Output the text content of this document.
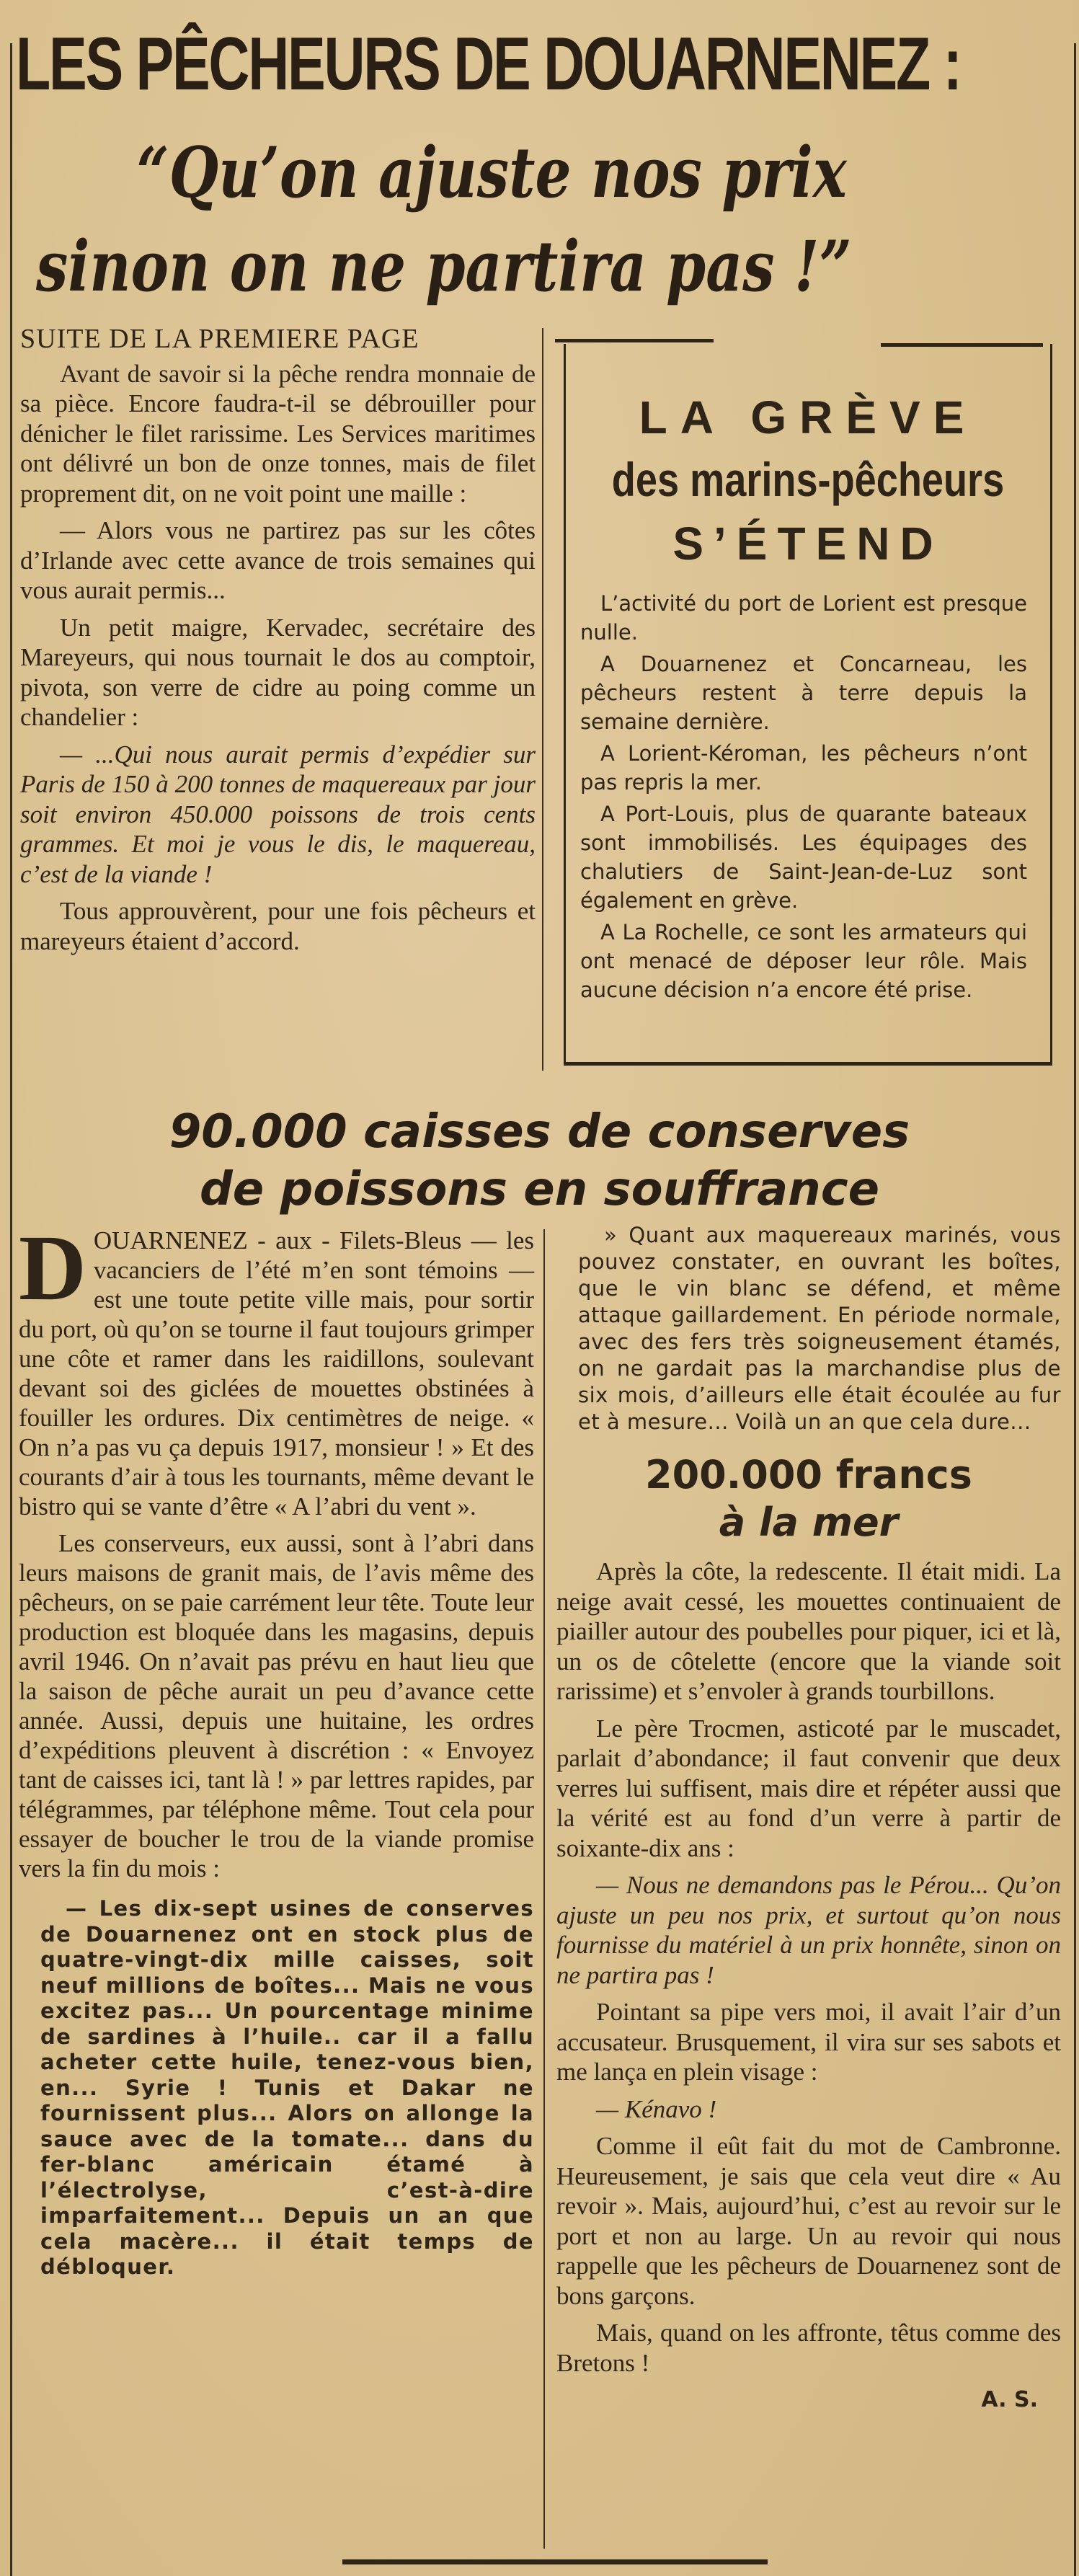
LES PÊCHEURS DE DOUARNENEZ :
“Qu’on ajuste nos prix
sinon on ne partira pas !”
SUITE DE LA PREMIERE PAGE

Avant de savoir si la pêche rendra monnaie de sa pièce. Encore faudra-t-il se débrouiller pour dénicher le filet rarissime. Les Services maritimes ont délivré un bon de onze tonnes, mais de filet proprement dit, on ne voit point une maille :

— Alors vous ne partirez pas sur les côtes d’Irlande avec cette avance de trois semaines qui vous aurait permis...

Un petit maigre, Kervadec, secrétaire des Mareyeurs, qui nous tournait le dos au comptoir, pivota, son verre de cidre au poing comme un chandelier :

— ...Qui nous aurait permis d’expédier sur Paris de 150 à 200 tonnes de maquereaux par jour soit environ 450.000 poissons de trois cents grammes. Et moi je vous le dis, le maquereau, c’est de la viande !

Tous approuvèrent, pour une fois pêcheurs et mareyeurs étaient d’accord.

LA GRÈVE
des marins-pêcheurs
S’ÉTEND

L’activité du port de Lorient est presque nulle.

A Douarnenez et Concarneau, les pêcheurs restent à terre depuis la semaine dernière.

A Lorient-Kéroman, les pêcheurs n’ont pas repris la mer.

A Port-Louis, plus de quarante bateaux sont immobilisés. Les équipages des chalutiers de Saint-Jean-de-Luz sont également en grève.

A La Rochelle, ce sont les armateurs qui ont menacé de déposer leur rôle. Mais aucune décision n’a encore été prise.

90.000 caisses de conserves
de poissons en souffrance

DOUARNENEZ - aux - Filets-Bleus — les vacanciers de l’été m’en sont témoins — est une toute petite ville mais, pour sortir du port, où qu’on se tourne il faut toujours grimper une côte et ramer dans les raidillons, soulevant devant soi des giclées de mouettes obstinées à fouiller les ordures. Dix centimètres de neige. « On n’a pas vu ça depuis 1917, monsieur ! » Et des courants d’air à tous les tournants, même devant le bistro qui se vante d’être « A l’abri du vent ».

Les conserveurs, eux aussi, sont à l’abri dans leurs maisons de granit mais, de l’avis même des pêcheurs, on se paie carrément leur tête. Toute leur production est bloquée dans les magasins, depuis avril 1946. On n’avait pas prévu en haut lieu que la saison de pêche aurait un peu d’avance cette année. Aussi, depuis une huitaine, les ordres d’expéditions pleuvent à discrétion : « Envoyez tant de caisses ici, tant là ! » par lettres rapides, par télégrammes, par téléphone même. Tout cela pour essayer de boucher le trou de la viande promise vers la fin du mois :

— Les dix-sept usines de conserves de Douarnenez ont en stock plus de quatre-vingt-dix mille caisses, soit neuf millions de boîtes... Mais ne vous excitez pas... Un pourcentage minime de sardines à l’huile.. car il a fallu acheter cette huile, tenez-vous bien, en... Syrie ! Tunis et Dakar ne fournissent plus... Alors on allonge la sauce avec de la tomate... dans du fer-blanc américain étamé à l’électrolyse, c’est-à-dire imparfaitement... Depuis un an que cela macère... il était temps de débloquer.

» Quant aux maquereaux marinés, vous pouvez constater, en ouvrant les boîtes, que le vin blanc se défend, et même attaque gaillardement. En période normale, avec des fers très soigneusement étamés, on ne gardait pas la marchandise plus de six mois, d’ailleurs elle était écoulée au fur et à mesure... Voilà un an que cela dure...

200.000 francs
à la mer

Après la côte, la redescente. Il était midi. La neige avait cessé, les mouettes continuaient de piailler autour des poubelles pour piquer, ici et là, un os de côtelette (encore que la viande soit rarissime) et s’envoler à grands tourbillons.

Le père Trocmen, asticoté par le muscadet, parlait d’abondance; il faut convenir que deux verres lui suffisent, mais dire et répéter aussi que la vérité est au fond d’un verre à partir de soixante-dix ans :

— Nous ne demandons pas le Pérou... Qu’on ajuste un peu nos prix, et surtout qu’on nous fournisse du matériel à un prix honnête, sinon on ne partira pas !

Pointant sa pipe vers moi, il avait l’air d’un accusateur. Brusquement, il vira sur ses sabots et me lança en plein visage :

— Kénavo !

Comme il eût fait du mot de Cambronne. Heureusement, je sais que cela veut dire « Au revoir ». Mais, aujourd’hui, c’est au revoir sur le port et non au large. Un au revoir qui nous rappelle que les pêcheurs de Douarnenez sont de bons garçons.

Mais, quand on les affronte, têtus comme des Bretons !

A. S.
